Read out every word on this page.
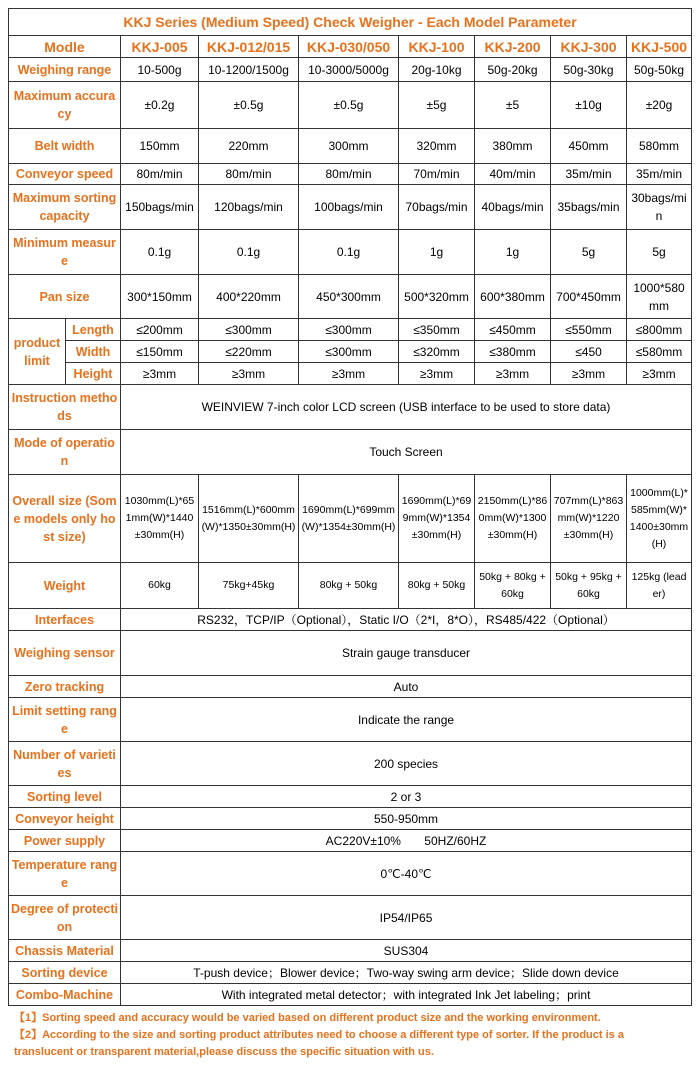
KKJ Series (Medium Speed) Check Weigher - Each Model Parameter								
Modle		KKJ-005	KKJ-012/015	KKJ-030/050	KKJ-100	KKJ-200	KKJ-300	KKJ-500
Weighing range		10-500g	10-1200/1500g	10-3000/5000g	20g-10kg	50g-20kg	50g-30kg	50g-50kg
Maximum accuracy		±0.2g	±0.5g	±0.5g	±5g	±5	±10g	±20g
Belt width		150mm	220mm	300mm	320mm	380mm	450mm	580mm
Conveyor speed		80m/min	80m/min	80m/min	70m/min	40m/min	35m/min	35m/min
Maximum sorting capacity		150bags/min	120bags/min	100bags/min	70bags/min	40bags/min	35bags/min	30bags/min
Minimum measure		0.1g	0.1g	0.1g	1g	1g	5g	5g
Pan size		300*150mm	400*220mm	450*300mm	500*320mm	600*380mm	700*450mm	1000*580mm
product limit	Length	≤200mm	≤300mm	≤300mm	≤350mm	≤450mm	≤550mm	≤800mm
	Width	≤150mm	≤220mm	≤300mm	≤320mm	≤380mm	≤450	≤580mm
	Height	≥3mm	≥3mm	≥3mm	≥3mm	≥3mm	≥3mm	≥3mm
Instruction methods		WEINVIEW 7-inch color LCD screen (USB interface to be used to store data)						
Mode of operation		Touch Screen						
Overall size (Some models only host size)		1030mm(L)*651mm(W)*1440±30mm(H)	1516mm(L)*600mm(W)*1350±30mm(H)	1690mm(L)*699mm(W)*1354±30mm(H)	1690mm(L)*699mm(W)*1354±30mm(H)	2150mm(L)*860mm(W)*1300±30mm(H)	707mm(L)*863mm(W)*1220±30mm(H)	1000mm(L)*585mm(W)*1400±30mm(H)
Weight		60kg	75kg+45kg	80kg + 50kg	80kg + 50kg	50kg + 80kg + 60kg	50kg + 95kg + 60kg	125kg (leader)
Interfaces		RS232，TCP/IP（Optional），Static I/O（2*I，8*O），RS485/422（Optional）						
Weighing sensor		Strain gauge transducer						
Zero tracking		Auto						
Limit setting range		Indicate the range						
Number of varieties		200 species						
Sorting level		2 or 3						
Conveyor height		550-950mm						
Power supply		AC220V±10%       50HZ/60HZ						
Temperature range		0℃-40℃						
Degree of protection		IP54/IP65						
Chassis Material		SUS304						
Sorting device		T-push device；Blower device；Two-way swing arm device；Slide down device						
Combo-Machine		With integrated metal detector；with integrated Ink Jet labeling；print						
【1】Sorting speed and accuracy would be varied based on different product size and the working environment.
【2】According to the size and sorting product attributes need to choose a different type of sorter. If the product is a translucent or transparent material,please discuss the specific situation with us.
